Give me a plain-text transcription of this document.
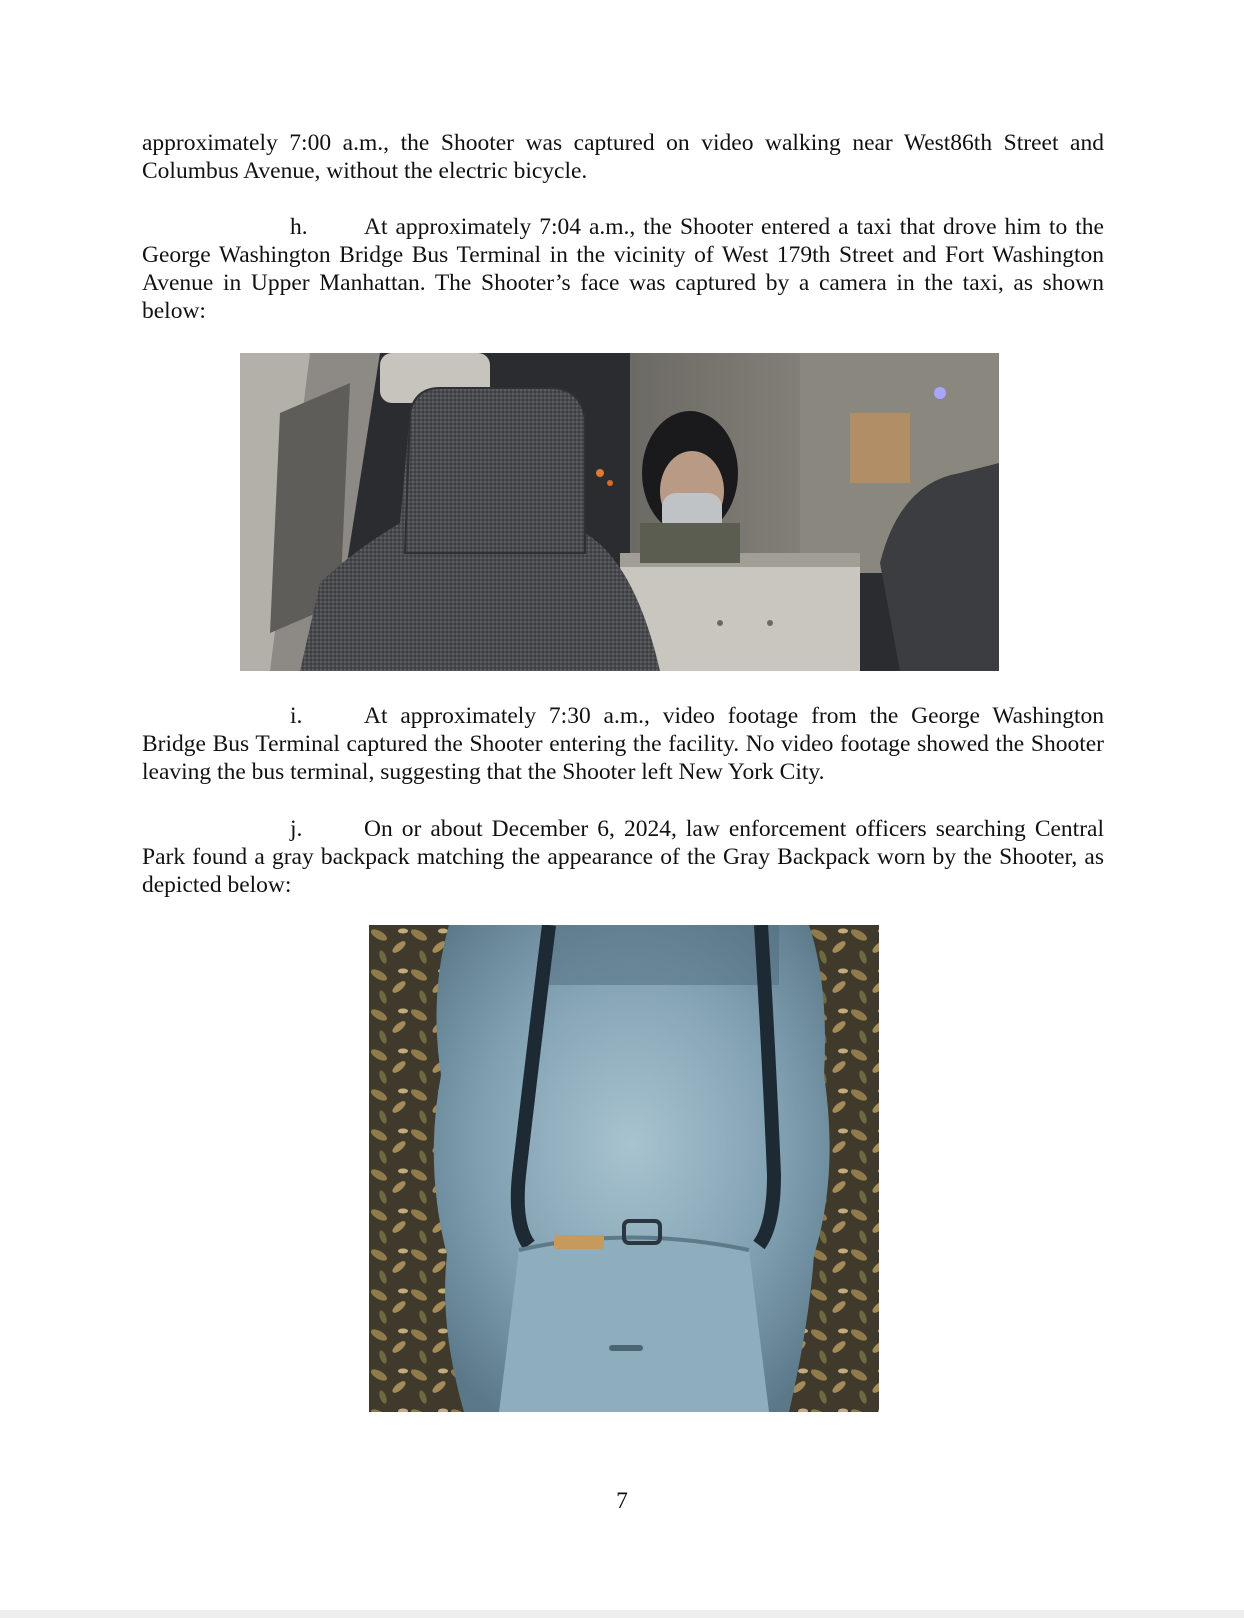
approximately 7:00 a.m., the Shooter was captured on video walking near West86th Street and Columbus Avenue, without the electric bicycle.

h. At approximately 7:04 a.m., the Shooter entered a taxi that drove him to the George Washington Bridge Bus Terminal in the vicinity of West 179th Street and Fort Washington Avenue in Upper Manhattan. The Shooter’s face was captured by a camera in the taxi, as shown below:

i.	At approximately 7:30 a.m., video footage from the George Washington Bridge Bus Terminal captured the Shooter entering the facility. No video footage showed the Shooter leaving the bus terminal, suggesting that the Shooter left New York City.

j.	On or about December 6, 2024, law enforcement officers searching Central Park found a gray backpack matching the appearance of the Gray Backpack worn by the Shooter, as depicted below:

7
